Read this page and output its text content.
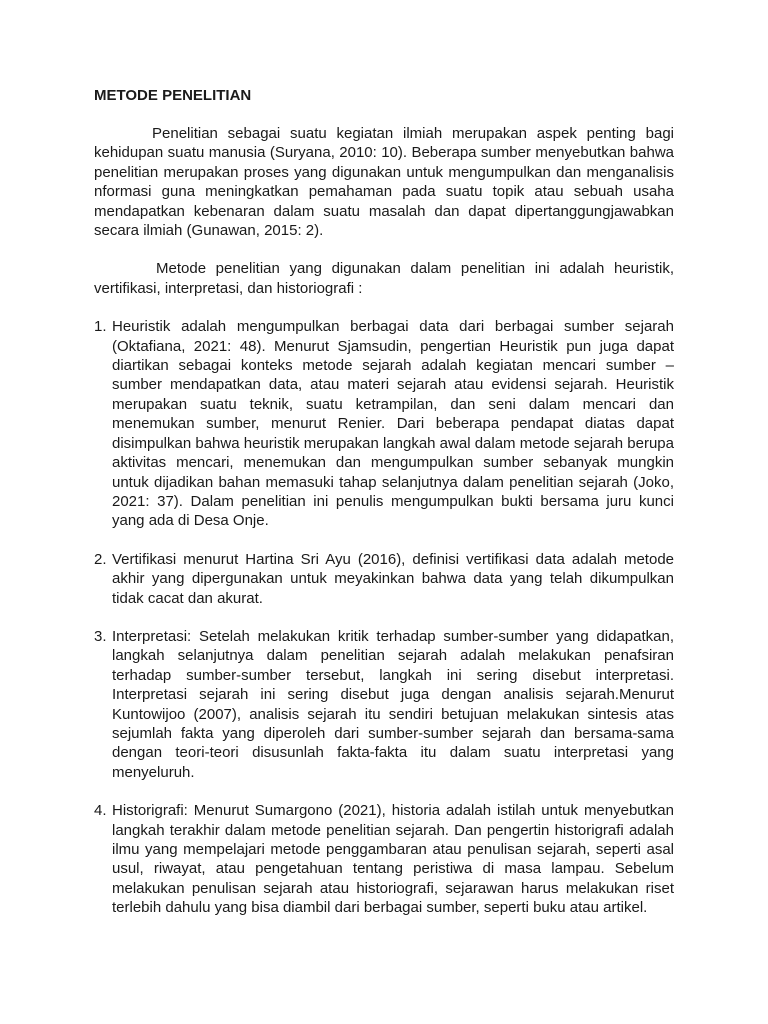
METODE PENELITIAN

Penelitian sebagai suatu kegiatan ilmiah merupakan aspek penting bagi kehidupan suatu manusia (Suryana, 2010: 10). Beberapa sumber menyebutkan bahwa penelitian merupakan proses yang digunakan untuk mengumpulkan dan menganalisis nformasi guna meningkatkan pemahaman pada suatu topik atau sebuah usaha mendapatkan kebenaran dalam suatu masalah dan dapat dipertanggungjawabkan secara ilmiah (Gunawan, 2015: 2).

Metode penelitian yang digunakan dalam penelitian ini adalah heuristik, vertifikasi, interpretasi, dan historiografi :

1. Heuristik adalah mengumpulkan berbagai data dari berbagai sumber sejarah (Oktafiana, 2021: 48). Menurut Sjamsudin, pengertian Heuristik pun juga dapat diartikan sebagai konteks metode sejarah adalah kegiatan mencari sumber – sumber mendapatkan data, atau materi sejarah atau evidensi sejarah. Heuristik merupakan suatu teknik, suatu ketrampilan, dan seni dalam mencari dan menemukan sumber, menurut Renier. Dari beberapa pendapat diatas dapat disimpulkan bahwa heuristik merupakan langkah awal dalam metode sejarah berupa aktivitas mencari, menemukan dan mengumpulkan sumber sebanyak mungkin untuk dijadikan bahan memasuki tahap selanjutnya dalam penelitian sejarah (Joko, 2021: 37). Dalam penelitian ini penulis mengumpulkan bukti bersama juru kunci yang ada di Desa Onje.
2. Vertifikasi menurut Hartina Sri Ayu (2016), definisi vertifikasi data adalah metode akhir yang dipergunakan untuk meyakinkan bahwa data yang telah dikumpulkan tidak cacat dan akurat.
3. Interpretasi: Setelah melakukan kritik terhadap sumber-sumber yang didapatkan, langkah selanjutnya dalam penelitian sejarah adalah melakukan penafsiran terhadap sumber-sumber tersebut, langkah ini sering disebut interpretasi. Interpretasi sejarah ini sering disebut juga dengan analisis sejarah.Menurut Kuntowijoo (2007), analisis sejarah itu sendiri betujuan melakukan sintesis atas sejumlah fakta yang diperoleh dari sumber-sumber sejarah dan bersama-sama dengan teori-teori disusunlah fakta-fakta itu dalam suatu interpretasi yang menyeluruh.
4. Historigrafi: Menurut Sumargono (2021), historia adalah istilah untuk menyebutkan langkah terakhir dalam metode penelitian sejarah. Dan pengertin historigrafi adalah ilmu yang mempelajari metode penggambaran atau penulisan sejarah, seperti asal usul, riwayat, atau pengetahuan tentang peristiwa di masa lampau. Sebelum melakukan penulisan sejarah atau historiografi, sejarawan harus melakukan riset terlebih dahulu yang bisa diambil dari berbagai sumber, seperti buku atau artikel.
